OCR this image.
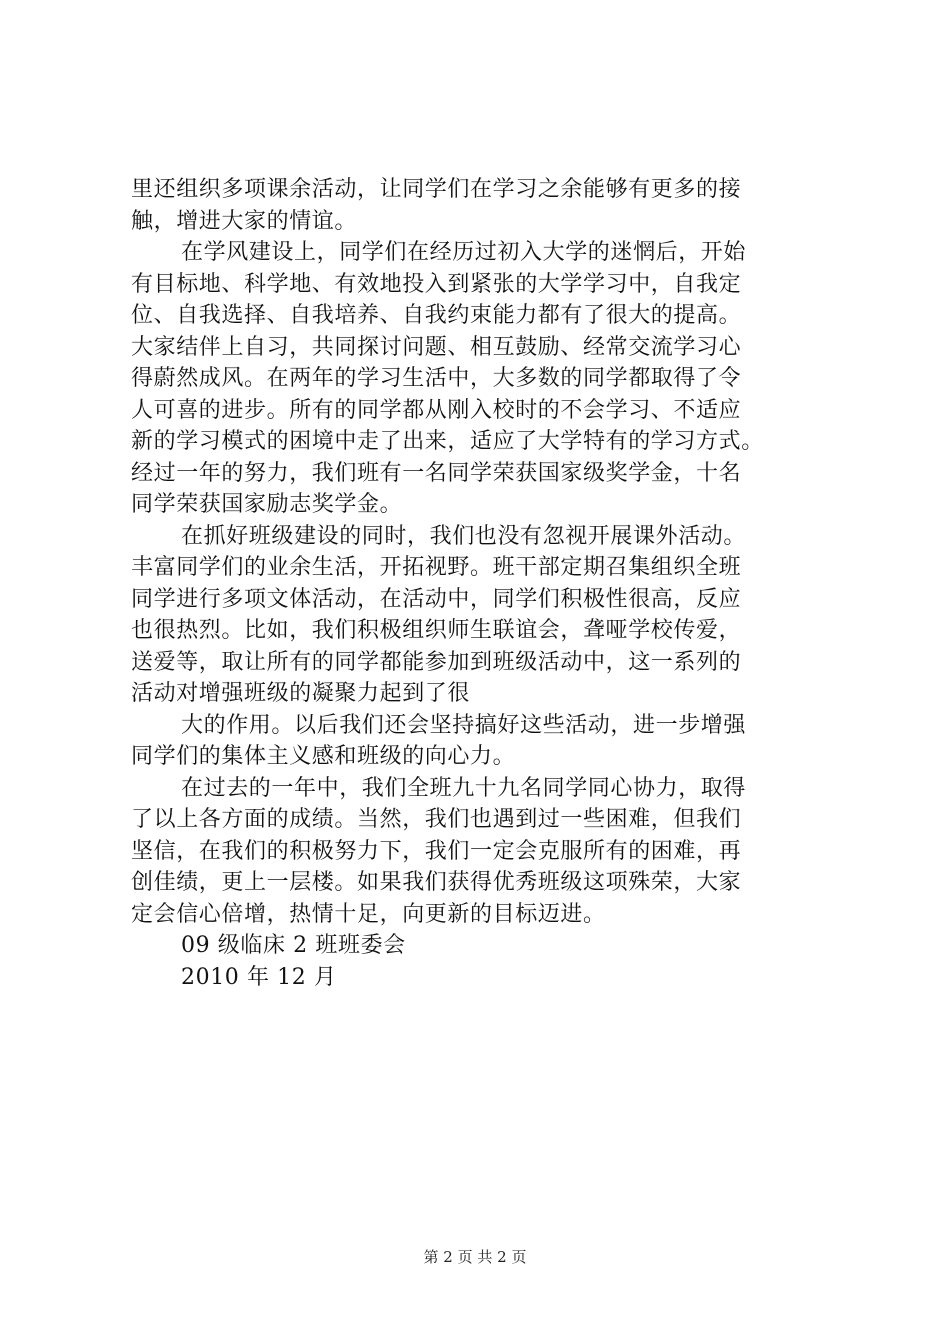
里还组织多项课余活动，让同学们在学习之余能够有更多的接
触，增进大家的情谊。
在学风建设上，同学们在经历过初入大学的迷惘后，开始
有目标地、科学地、有效地投入到紧张的大学学习中，自我定
位、自我选择、自我培养、自我约束能力都有了很大的提高。
大家结伴上自习，共同探讨问题、相互鼓励、经常交流学习心
得蔚然成风。在两年的学习生活中，大多数的同学都取得了令
人可喜的进步。所有的同学都从刚入校时的不会学习、不适应
新的学习模式的困境中走了出来，适应了大学特有的学习方式。
经过一年的努力，我们班有一名同学荣获国家级奖学金，十名
同学荣获国家励志奖学金。
在抓好班级建设的同时，我们也没有忽视开展课外活动。
丰富同学们的业余生活，开拓视野。班干部定期召集组织全班
同学进行多项文体活动，在活动中，同学们积极性很高，反应
也很热烈。比如，我们积极组织师生联谊会，聋哑学校传爱，
送爱等，取让所有的同学都能参加到班级活动中，这一系列的
活动对增强班级的凝聚力起到了很
大的作用。以后我们还会坚持搞好这些活动，进一步增强
同学们的集体主义感和班级的向心力。
在过去的一年中，我们全班九十九名同学同心协力，取得
了以上各方面的成绩。当然，我们也遇到过一些困难，但我们
坚信，在我们的积极努力下，我们一定会克服所有的困难，再
创佳绩，更上一层楼。如果我们获得优秀班级这项殊荣，大家
定会信心倍增，热情十足，向更新的目标迈进。
09 级临床 2 班班委会
2010 年 12 月
第 2 页 共 2 页
